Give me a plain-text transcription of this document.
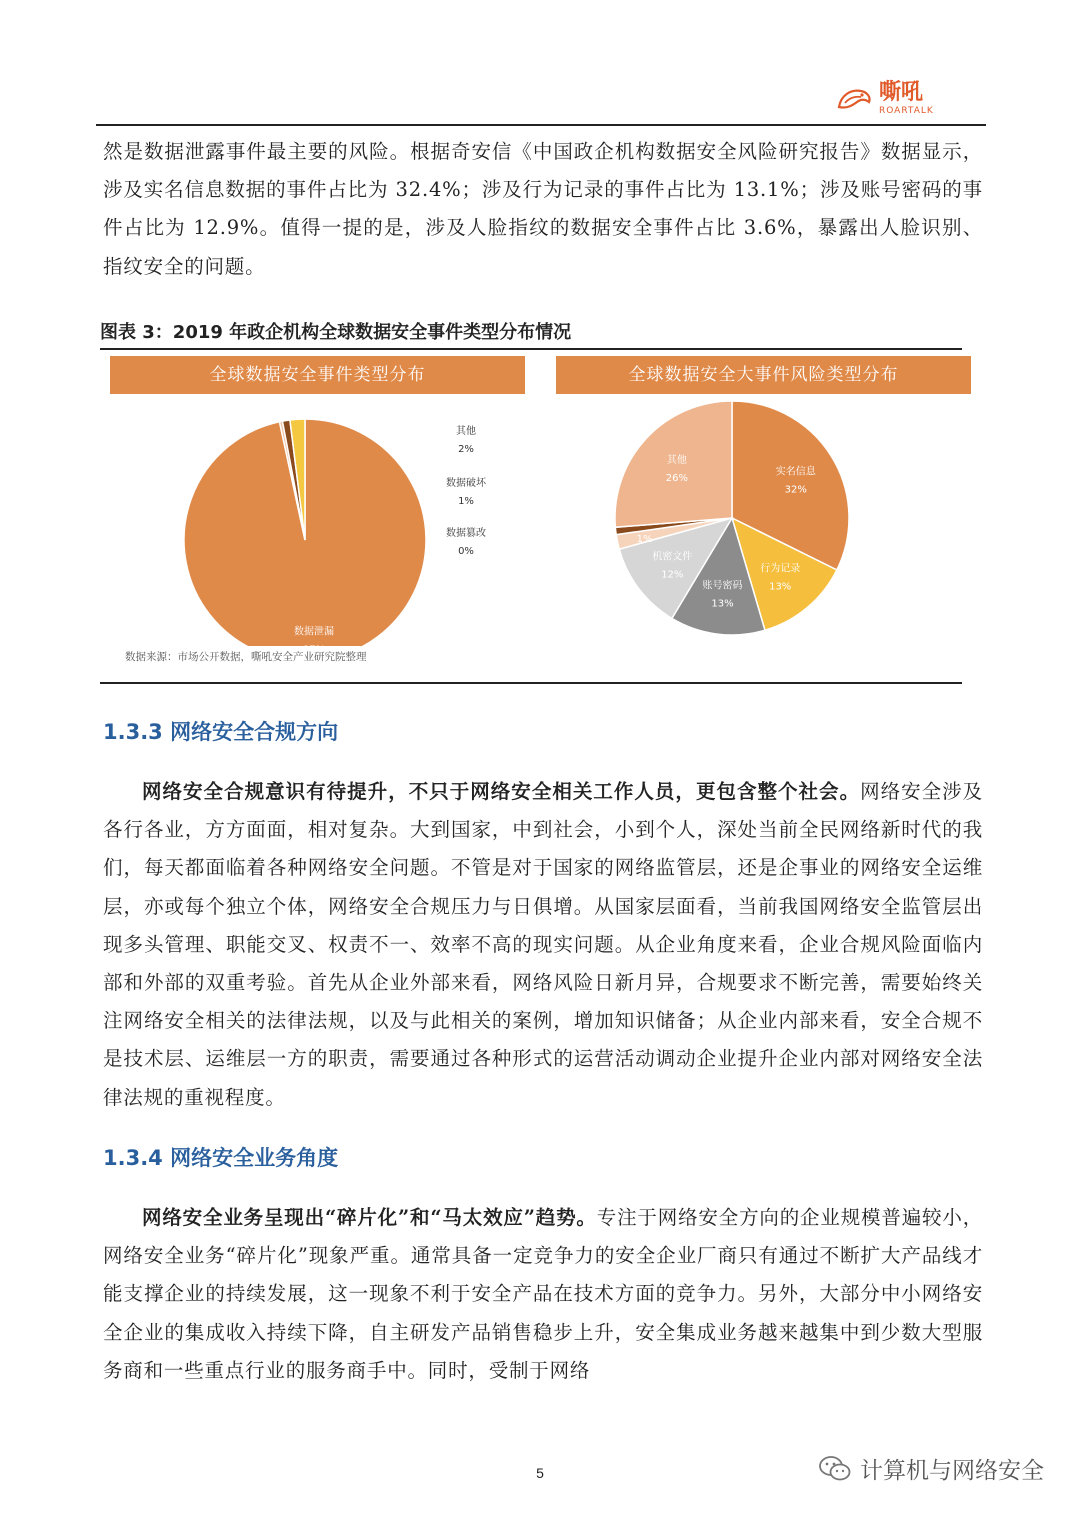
嘶吼
ROARTALK

然是数据泄露事件最主要的风险。根据奇安信《中国政企机构数据安全风险研究报告》数据显示，涉及实名信息数据的事件占比为 32.4%；涉及行为记录的事件占比为 13.1%；涉及账号密码的事件占比为 12.9%。值得一提的是，涉及人脸指纹的数据安全事件占比 3.6%，暴露出人脸识别、指纹安全的问题。

图表 3：2019 年政企机构全球数据安全事件类型分布情况
全球数据安全事件类型分布	全球数据安全大事件风险类型分布
数据泄漏
数据篡改
0%
数据破坏
1%
其他
2%
实名信息
32%
行为记录
13%
账号密码
13%
机密文件
12%
1%
其他
26%
数据来源：市场公开数据，嘶吼安全产业研究院整理
1.3.3 网络安全合规方向

网络安全合规意识有待提升，不只于网络安全相关工作人员，更包含整个社会。网络安全涉及各行各业，方方面面，相对复杂。大到国家，中到社会，小到个人，深处当前全民网络新时代的我们，每天都面临着各种网络安全问题。不管是对于国家的网络监管层，还是企事业的网络安全运维层，亦或每个独立个体，网络安全合规压力与日俱增。从国家层面看，当前我国网络安全监管层出现多头管理、职能交叉、权责不一、效率不高的现实问题。从企业角度来看，企业合规风险面临内部和外部的双重考验。首先从企业外部来看，网络风险日新月异，合规要求不断完善，需要始终关注网络安全相关的法律法规，以及与此相关的案例，增加知识储备；从企业内部来看，安全合规不是技术层、运维层一方的职责，需要通过各种形式的运营活动调动企业提升企业内部对网络安全法律法规的重视程度。

1.3.4 网络安全业务角度

网络安全业务呈现出“碎片化”和“马太效应”趋势。专注于网络安全方向的企业规模普遍较小，网络安全业务“碎片化”现象严重。通常具备一定竞争力的安全企业厂商只有通过不断扩大产品线才能支撑企业的持续发展，这一现象不利于安全产品在技术方面的竞争力。另外，大部分中小网络安全企业的集成收入持续下降，自主研发产品销售稳步上升，安全集成业务越来越集中到少数大型服务商和一些重点行业的服务商手中。同时，受制于网络

5	计算机与网络安全
